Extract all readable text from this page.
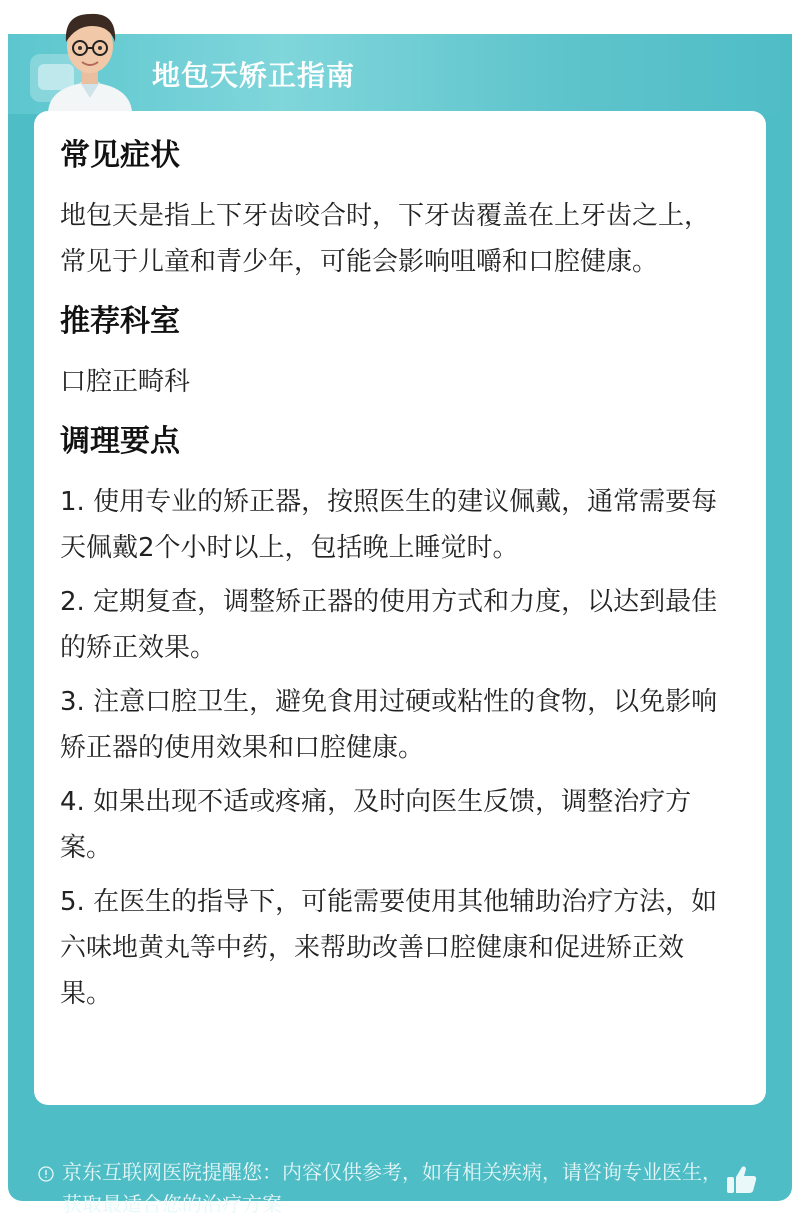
地包天矫正指南
京东互联网医院提醒您：内容仅供参考，如有相关疾病，请咨询专业医生，获取最适合您的治疗方案
常见症状
地包天是指上下牙齿咬合时，下牙齿覆盖在上牙齿之上，常见于儿童和青少年，可能会影响咀嚼和口腔健康。
推荐科室
口腔正畸科
调理要点
1. 使用专业的矫正器，按照医生的建议佩戴，通常需要每天佩戴2个小时以上，包括晚上睡觉时。
2. 定期复查，调整矫正器的使用方式和力度，以达到最佳的矫正效果。
3. 注意口腔卫生，避免食用过硬或粘性的食物，以免影响矫正器的使用效果和口腔健康。
4. 如果出现不适或疼痛，及时向医生反馈，调整治疗方案。
5. 在医生的指导下，可能需要使用其他辅助治疗方法，如六味地黄丸等中药，来帮助改善口腔健康和促进矫正效果。
